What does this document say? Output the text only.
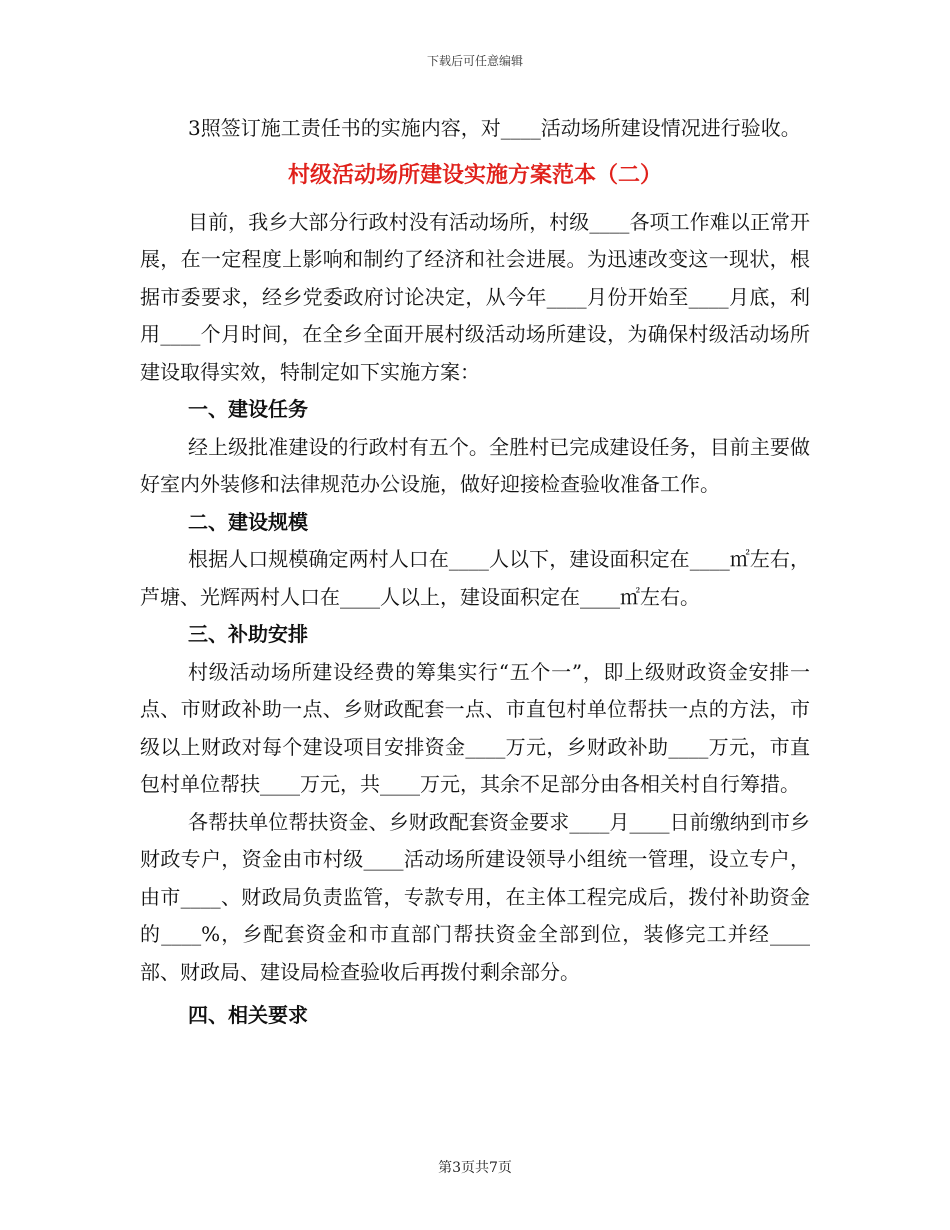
下载后可任意编辑

3照签订施工责任书的实施内容，对____活动场所建设情况进行验收。

村级活动场所建设实施方案范本（二）

目前，我乡大部分行政村没有活动场所，村级____各项工作难以正常开展，在一定程度上影响和制约了经济和社会进展。为迅速改变这一现状，根据市委要求，经乡党委政府讨论决定，从今年____月份开始至____月底，利用____个月时间，在全乡全面开展村级活动场所建设，为确保村级活动场所建设取得实效，特制定如下实施方案：

一、建设任务

经上级批准建设的行政村有五个。全胜村已完成建设任务，目前主要做好室内外装修和法律规范办公设施，做好迎接检查验收准备工作。

二、建设规模

根据人口规模确定两村人口在____人以下，建设面积定在____㎡左右，芦塘、光辉两村人口在____人以上，建设面积定在____㎡左右。

三、补助安排

村级活动场所建设经费的筹集实行“五个一”，即上级财政资金安排一点、市财政补助一点、乡财政配套一点、市直包村单位帮扶一点的方法，市级以上财政对每个建设项目安排资金____万元，乡财政补助____万元，市直包村单位帮扶____万元，共____万元，其余不足部分由各相关村自行筹措。

各帮扶单位帮扶资金、乡财政配套资金要求____月____日前缴纳到市乡财政专户，资金由市村级____活动场所建设领导小组统一管理，设立专户，由市____、财政局负责监管，专款专用，在主体工程完成后，拨付补助资金的____%，乡配套资金和市直部门帮扶资金全部到位，装修完工并经____部、财政局、建设局检查验收后再拨付剩余部分。

四、相关要求
第3页共7页
